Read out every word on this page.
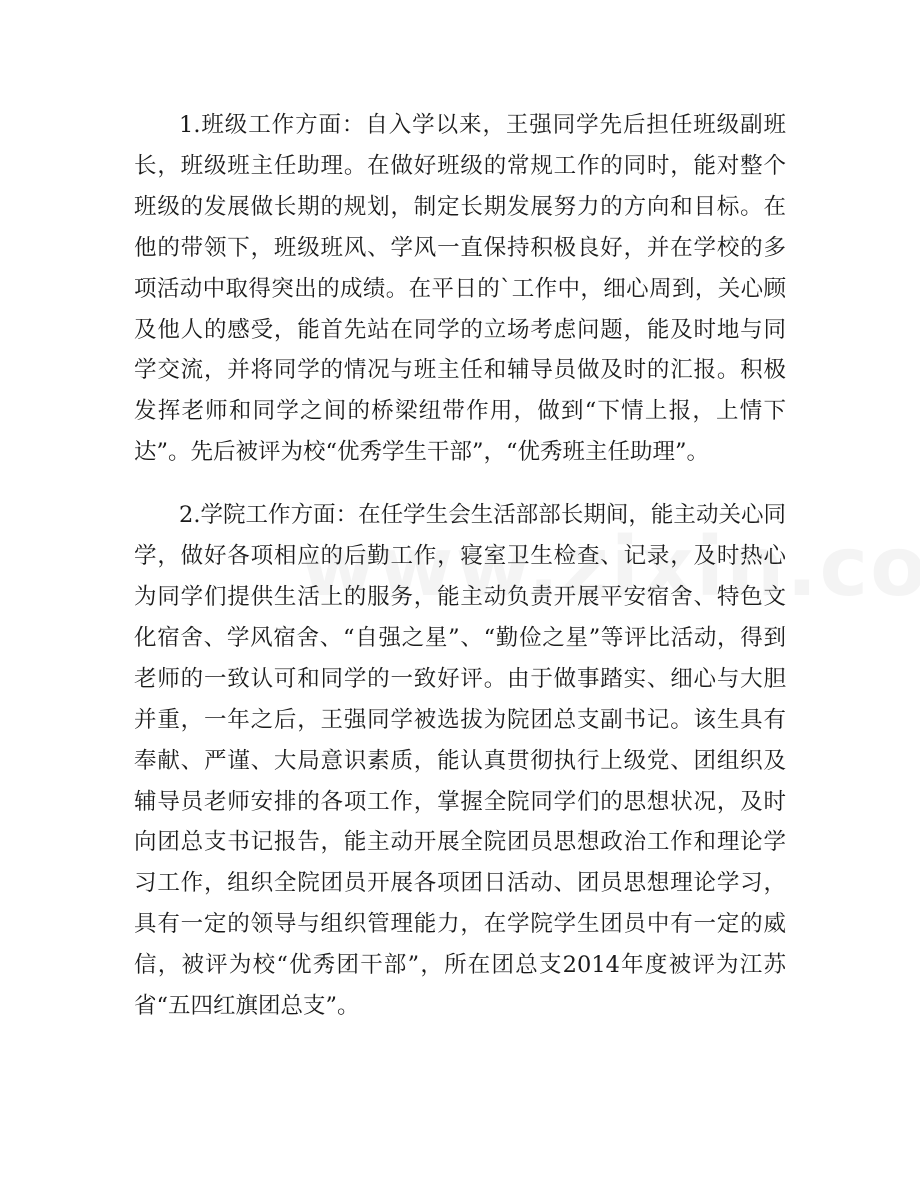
1.班级工作方面：自入学以来，王强同学先后担任班级副班长，班级班主任助理。在做好班级的常规工作的同时，能对整个班级的发展做长期的规划，制定长期发展努力的方向和目标。在他的带领下，班级班风、学风一直保持积极良好，并在学校的多项活动中取得突出的成绩。在平日的`工作中，细心周到，关心顾及他人的感受，能首先站在同学的立场考虑问题，能及时地与同学交流，并将同学的情况与班主任和辅导员做及时的汇报。积极发挥老师和同学之间的桥梁纽带作用，做到“下情上报，上情下达”。先后被评为校“优秀学生干部”，“优秀班主任助理”。

2.学院工作方面：在任学生会生活部部长期间，能主动关心同学，做好各项相应的后勤工作，寝室卫生检查、记录，及时热心为同学们提供生活上的服务，能主动负责开展平安宿舍、特色文化宿舍、学风宿舍、“自强之星”、“勤俭之星”等评比活动，得到老师的一致认可和同学的一致好评。由于做事踏实、细心与大胆并重，一年之后，王强同学被选拔为院团总支副书记。该生具有奉献、严谨、大局意识素质，能认真贯彻执行上级党、团组织及辅导员老师安排的各项工作，掌握全院同学们的思想状况，及时向团总支书记报告，能主动开展全院团员思想政治工作和理论学习工作，组织全院团员开展各项团日活动、团员思想理论学习，具有一定的领导与组织管理能力，在学院学生团员中有一定的威信，被评为校“优秀团干部”，所在团总支2014年度被评为江苏省“五四红旗团总支”。
